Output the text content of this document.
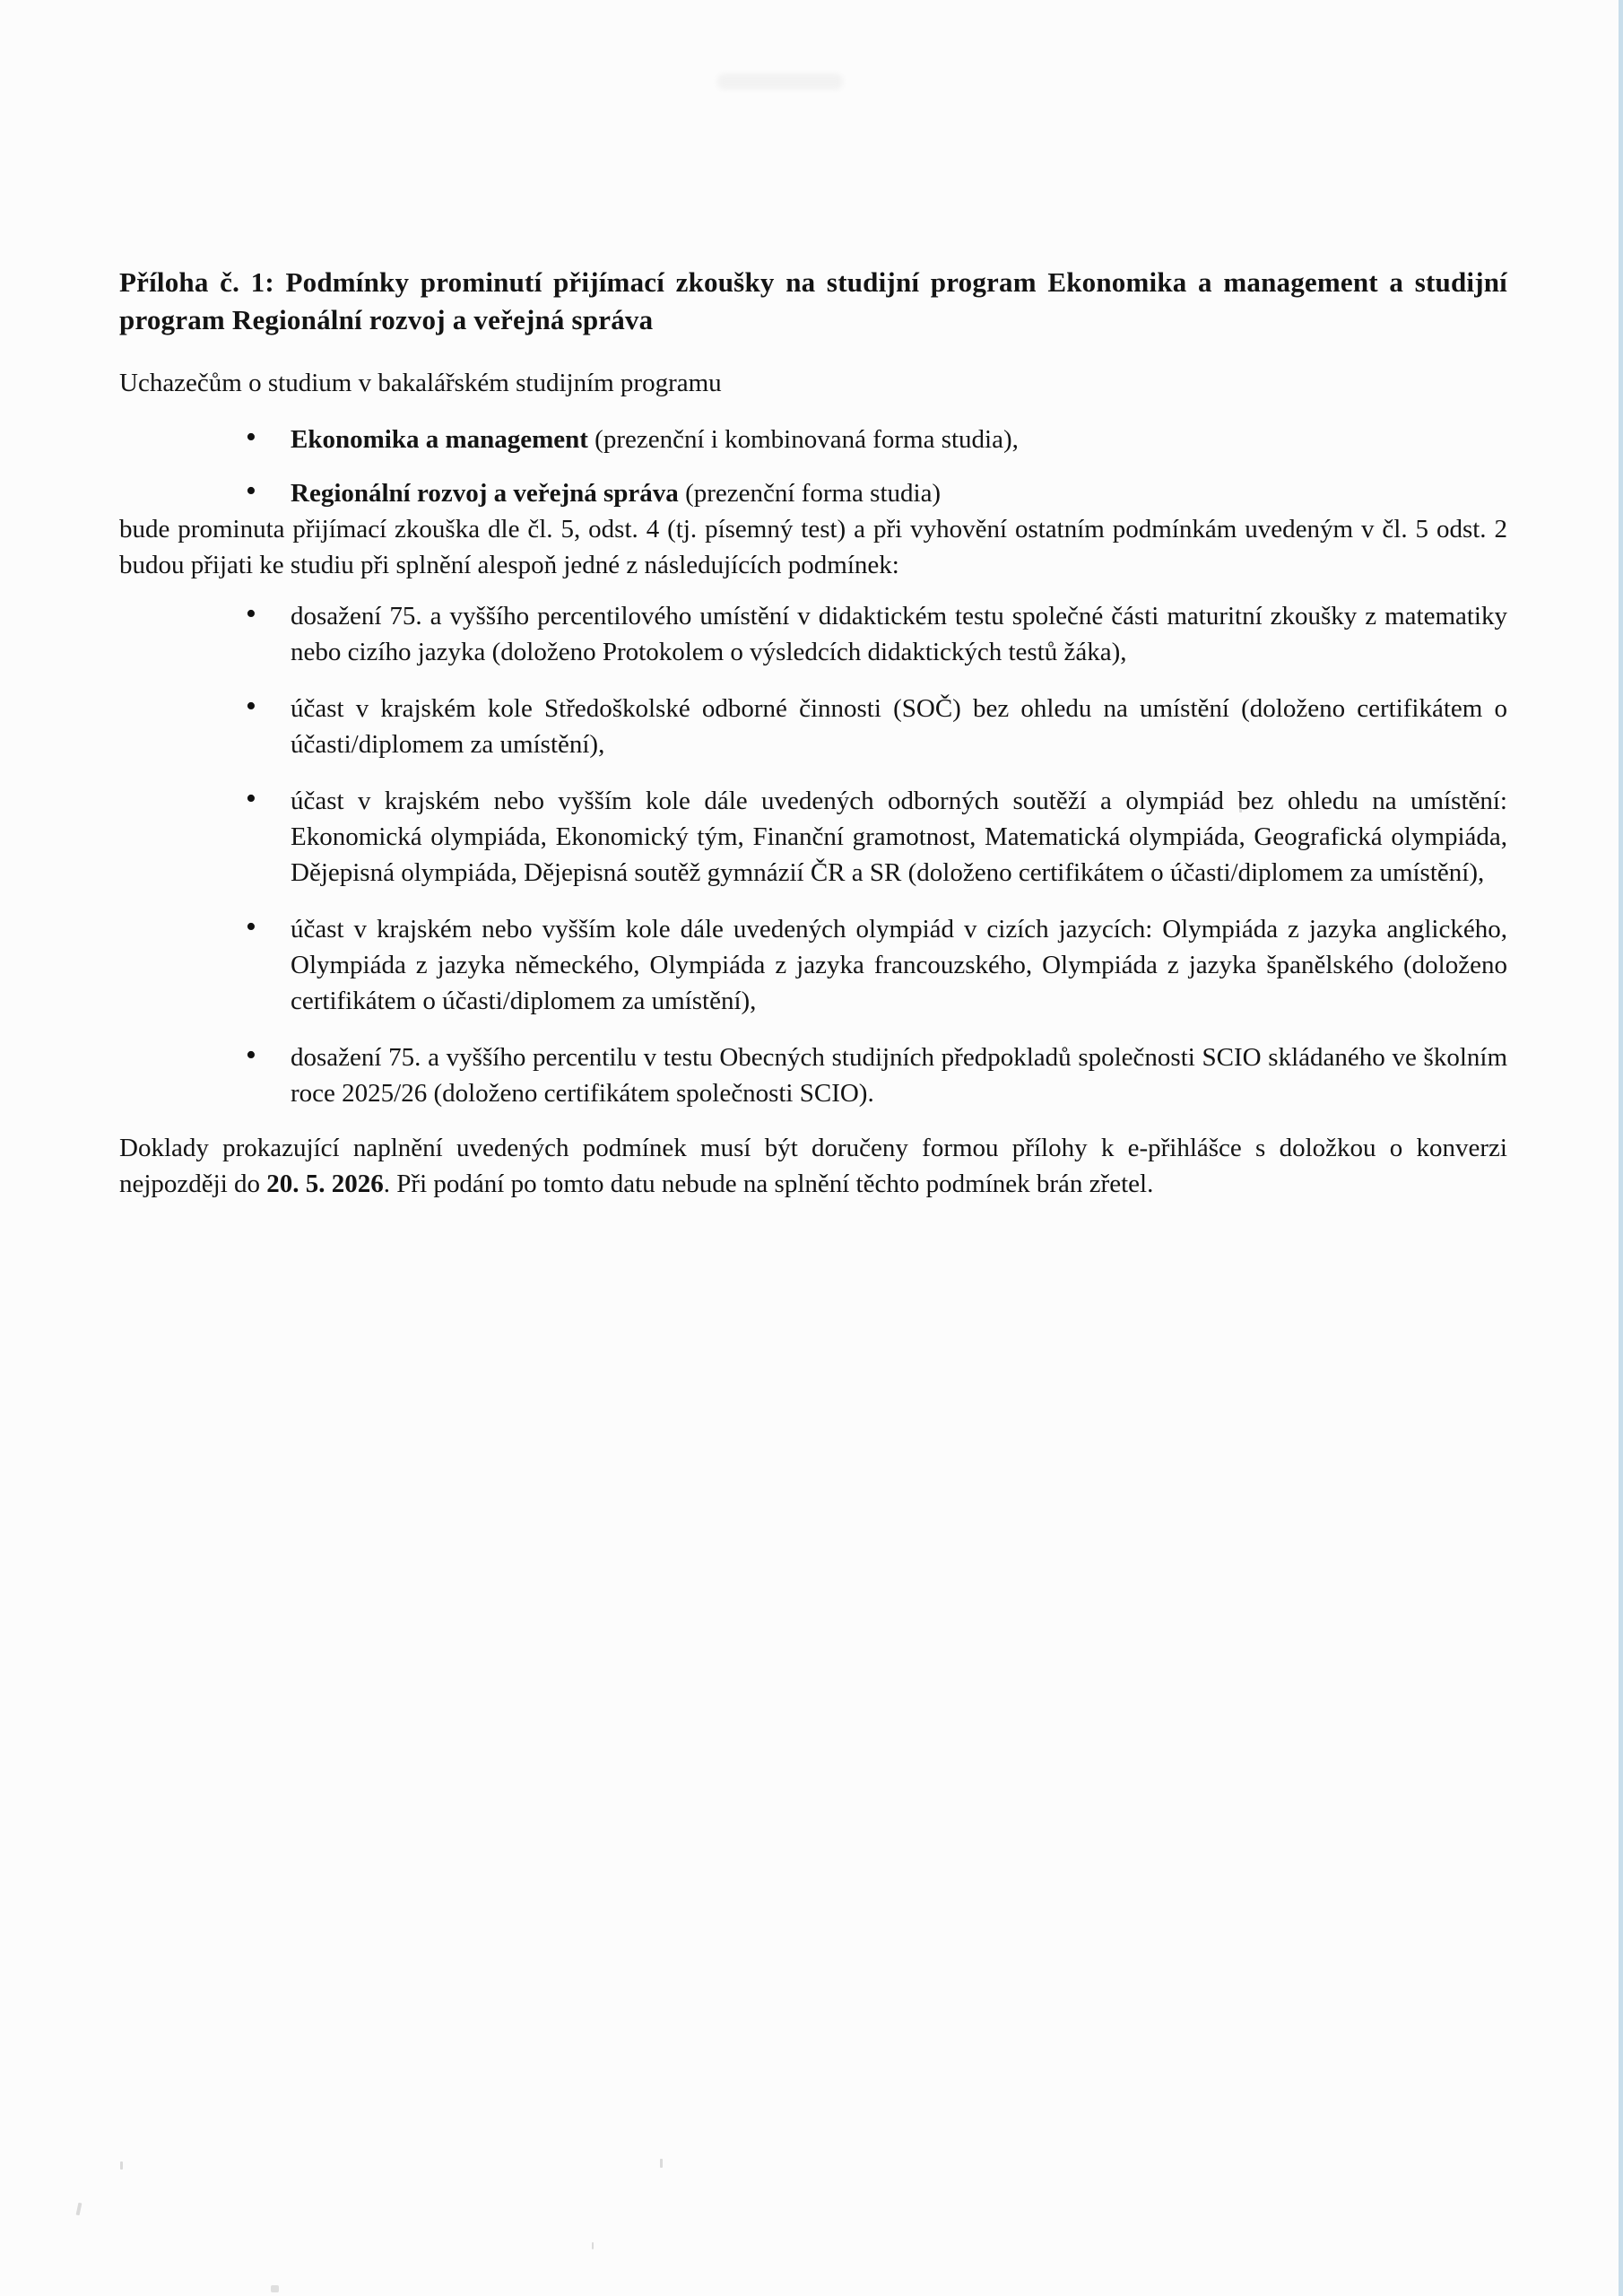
Příloha č. 1: Podmínky prominutí přijímací zkoušky na studijní program Ekonomika a management a studijní program Regionální rozvoj a veřejná správa

Uchazečům o studium v bakalářském studijním programu

• Ekonomika a management (prezenční i kombinovaná forma studia),
• Regionální rozvoj a veřejná správa (prezenční forma studia)

bude prominuta přijímací zkouška dle čl. 5, odst. 4 (tj. písemný test) a při vyhovění ostatním podmínkám uvedeným v čl. 5 odst. 2 budou přijati ke studiu při splnění alespoň jedné z následujících podmínek:

• dosažení 75. a vyššího percentilového umístění v didaktickém testu společné části maturitní zkoušky z matematiky nebo cizího jazyka (doloženo Protokolem o výsledcích didaktických testů žáka),
• účast v krajském kole Středoškolské odborné činnosti (SOČ) bez ohledu na umístění (doloženo certifikátem o účasti/diplomem za umístění),
• účast v krajském nebo vyšším kole dále uvedených odborných soutěží a olympiád bez ohledu na umístění: Ekonomická olympiáda, Ekonomický tým, Finanční gramotnost, Matematická olympiáda, Geografická olympiáda, Dějepisná olympiáda, Dějepisná soutěž gymnázií ČR a SR (doloženo certifikátem o účasti/diplomem za umístění),
• účast v krajském nebo vyšším kole dále uvedených olympiád v cizích jazycích: Olympiáda z jazyka anglického, Olympiáda z jazyka německého, Olympiáda z jazyka francouzského, Olympiáda z jazyka španělského (doloženo certifikátem o účasti/diplomem za umístění),
• dosažení 75. a vyššího percentilu v testu Obecných studijních předpokladů společnosti SCIO skládaného ve školním roce 2025/26 (doloženo certifikátem společnosti SCIO).

Doklady prokazující naplnění uvedených podmínek musí být doručeny formou přílohy k e-přihlášce s doložkou o konverzi nejpozději do 20. 5. 2026. Při podání po tomto datu nebude na splnění těchto podmínek brán zřetel.
